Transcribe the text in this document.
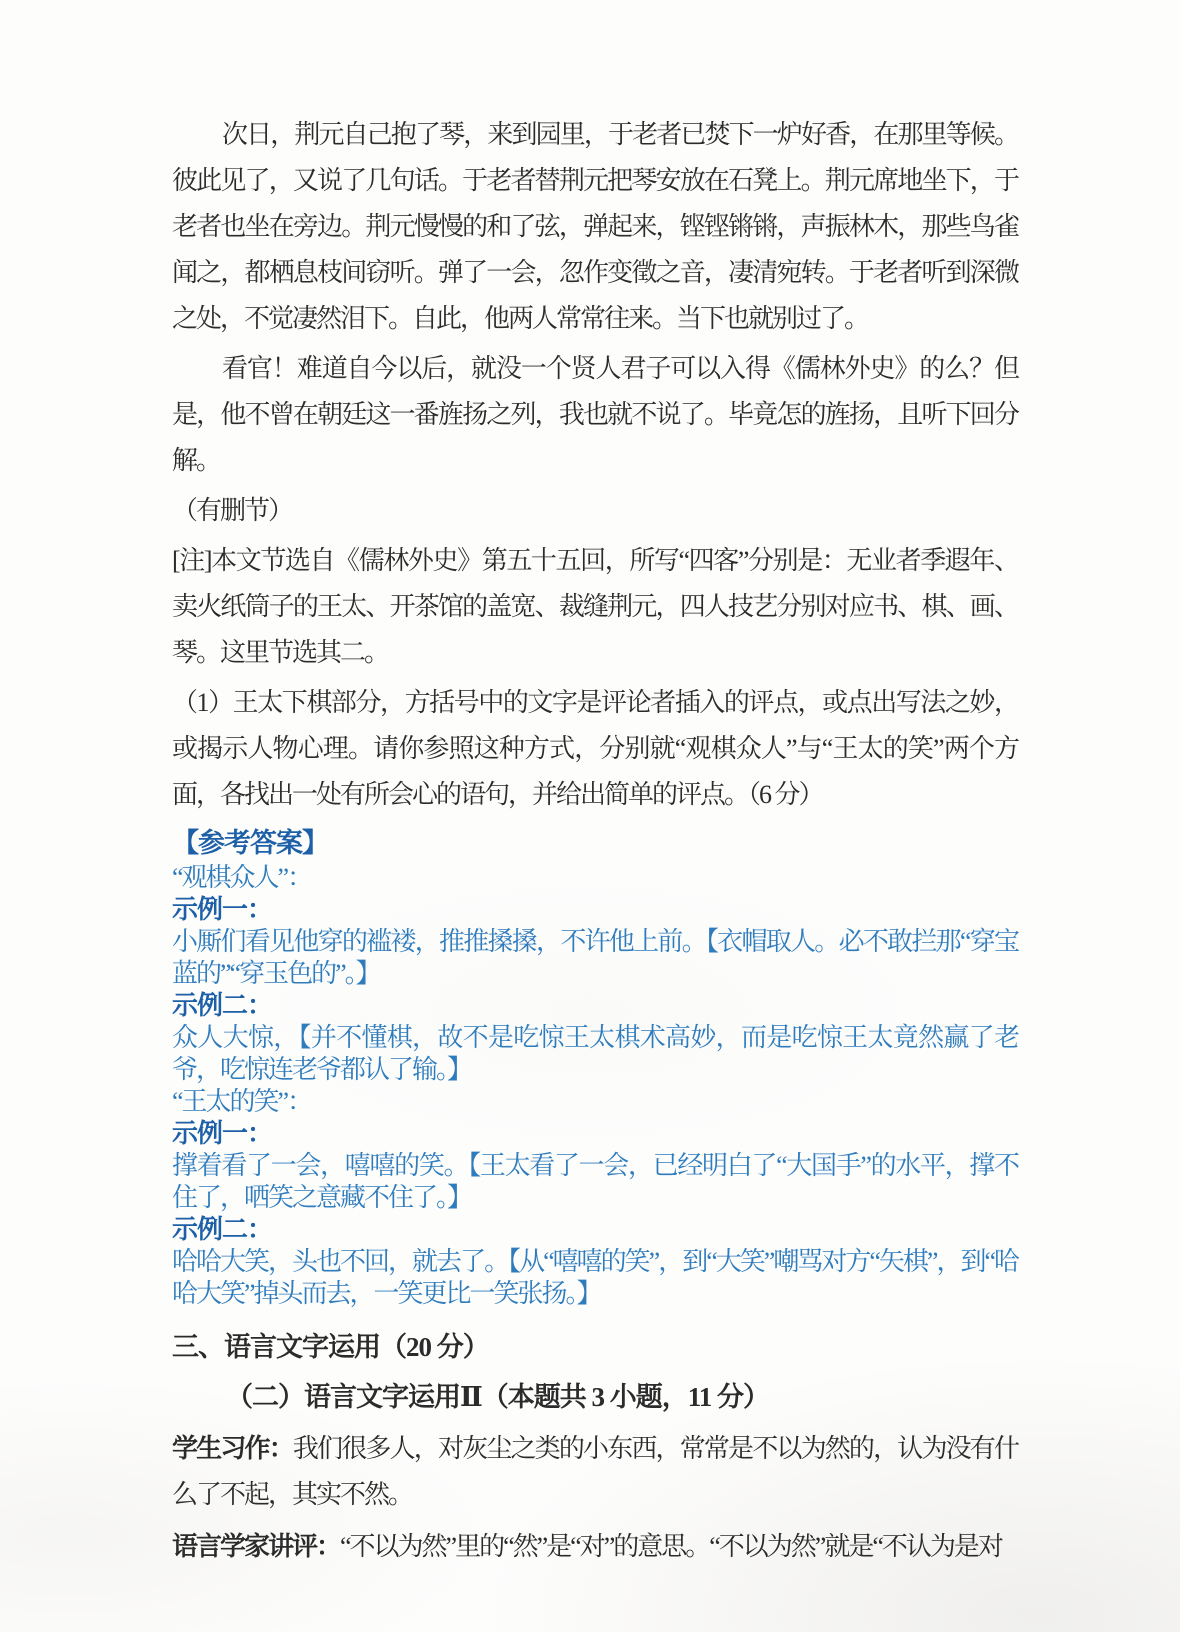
次日，荆元自己抱了琴，来到园里，于老者已焚下一炉好香，在那里等候。彼此见了，又说了几句话。于老者替荆元把琴安放在石凳上。荆元席地坐下，于老者也坐在旁边。荆元慢慢的和了弦，弹起来，铿铿锵锵，声振林木，那些鸟雀闻之，都栖息枝间窃听。弹了一会，忽作变徵之音，凄清宛转。于老者听到深微之处，不觉凄然泪下。自此，他两人常常往来。当下也就别过了。
看官！难道自今以后，就没一个贤人君子可以入得《儒林外史》的么？但是，他不曾在朝廷这一番旌扬之列，我也就不说了。毕竟怎的旌扬，且听下回分解。
（有删节）
[注]本文节选自《儒林外史》第五十五回，所写“四客”分别是：无业者季遐年、卖火纸筒子的王太、开茶馆的盖宽、裁缝荆元，四人技艺分别对应书、棋、画、琴。这里节选其二。
（1）王太下棋部分，方括号中的文字是评论者插入的评点，或点出写法之妙，或揭示人物心理。请你参照这种方式，分别就“观棋众人”与“王太的笑”两个方面，各找出一处有所会心的语句，并给出简单的评点。（6 分）
【参考答案】
“观棋众人”：
示例一：
小厮们看见他穿的褴褛，推推搡搡，不许他上前。【衣帽取人。必不敢拦那“穿宝蓝的”“穿玉色的”。】
示例二：
众人大惊，【并不懂棋，故不是吃惊王太棋术高妙，而是吃惊王太竟然赢了老爷，吃惊连老爷都认了输。】
“王太的笑”：
示例一：
撑着看了一会，嘻嘻的笑。【王太看了一会，已经明白了“大国手”的水平，撑不住了，哂笑之意藏不住了。】
示例二：
哈哈大笑，头也不回，就去了。【从“嘻嘻的笑”，到“大笑”嘲骂对方“矢棋”，到“哈哈大笑”掉头而去，一笑更比一笑张扬。】
三、语言文字运用（20 分）
（二）语言文字运用Ⅱ（本题共 3 小题，11 分）
学生习作：我们很多人，对灰尘之类的小东西，常常是不以为然的，认为没有什么了不起，其实不然。
语言学家讲评：“不以为然”里的“然”是“对”的意思。“不以为然”就是“不认为是对
